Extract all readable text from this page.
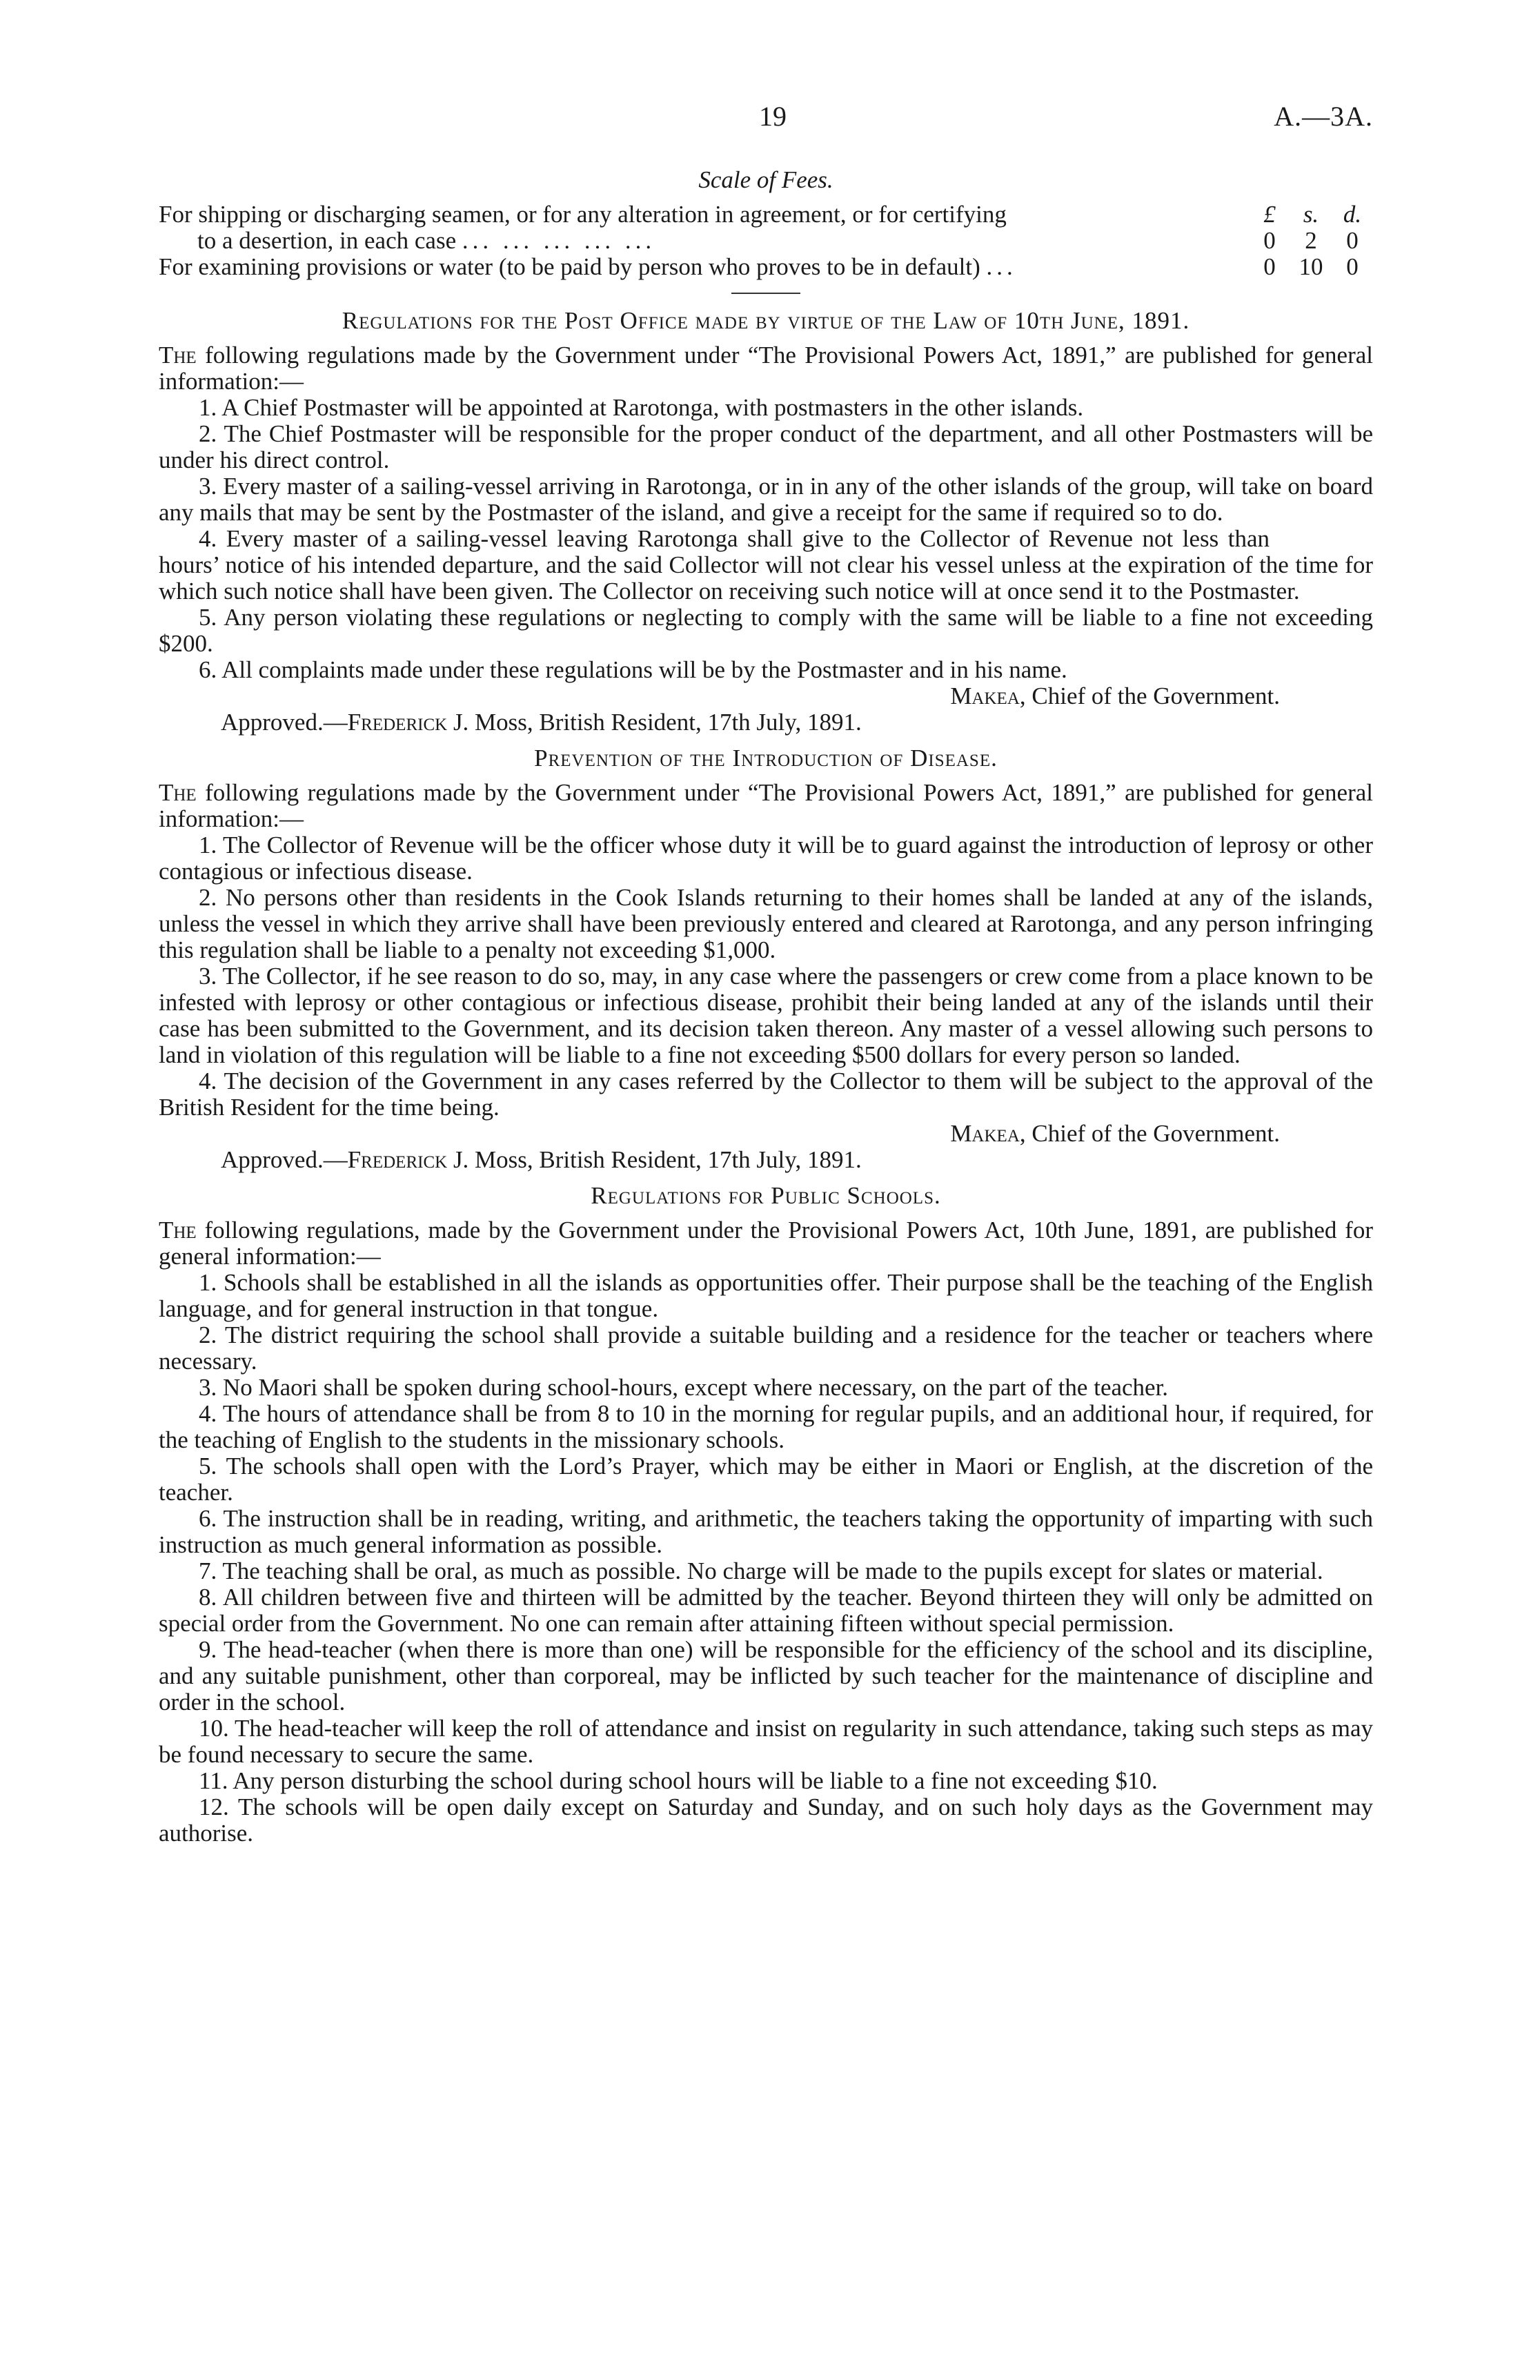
19	A.—3A.
Scale of Fees.
For shipping or discharging seamen, or for any alteration in agreement, or for certifying	£	s.	d.
to a desertion, in each case ... ... ... ... ...	0	2	0
For examining provisions or water (to be paid by person who proves to be in default) ...	0 10 0
Regulations for the Post Office made by virtue of the Law of 10th June, 1891.

The following regulations made by the Government under “The Provisional Powers Act, 1891,” are published for general information:—

1. A Chief Postmaster will be appointed at Rarotonga, with postmasters in the other islands.

2. The Chief Postmaster will be responsible for the proper conduct of the department, and all other Postmasters will be under his direct control.

3. Every master of a sailing-vessel arriving in Rarotonga, or in in any of the other islands of the group, will take on board any mails that may be sent by the Postmaster of the island, and give a receipt for the same if required so to do.

4. Every master of a sailing-vessel leaving Rarotonga shall give to the Collector of Revenue not less thanhours’ notice of his intended departure, and the said Collector will not clear his vessel unless at the expiration of the time for which such notice shall have been given. The Collector on receiving such notice will at once send it to the Postmaster.

5. Any person violating these regulations or neglecting to comply with the same will be liable to a fine not exceeding $200.

6. All complaints made under these regulations will be by the Postmaster and in his name.

Makea, Chief of the Government.
Approved.—Frederick J. Moss, British Resident, 17th July, 1891.
Prevention of the Introduction of Disease.

The following regulations made by the Government under “The Provisional Powers Act, 1891,” are published for general information:—

1. The Collector of Revenue will be the officer whose duty it will be to guard against the introduction of leprosy or other contagious or infectious disease.

2. No persons other than residents in the Cook Islands returning to their homes shall be landed at any of the islands, unless the vessel in which they arrive shall have been previously entered and cleared at Rarotonga, and any person infringing this regulation shall be liable to a penalty not exceeding $1,000.

3. The Collector, if he see reason to do so, may, in any case where the passengers or crew come from a place known to be infested with leprosy or other contagious or infectious disease, prohibit their being landed at any of the islands until their case has been submitted to the Government, and its decision taken thereon. Any master of a vessel allowing such persons to land in violation of this regulation will be liable to a fine not exceeding $500 dollars for every person so landed.

4. The decision of the Government in any cases referred by the Collector to them will be subject to the approval of the British Resident for the time being.

Makea, Chief of the Government.
Approved.—Frederick J. Moss, British Resident, 17th July, 1891.
Regulations for Public Schools.

The following regulations, made by the Government under the Provisional Powers Act, 10th June, 1891, are published for general information:—

1. Schools shall be established in all the islands as opportunities offer. Their purpose shall be the teaching of the English language, and for general instruction in that tongue.

2. The district requiring the school shall provide a suitable building and a residence for the teacher or teachers where necessary.

3. No Maori shall be spoken during school-hours, except where necessary, on the part of the teacher.

4. The hours of attendance shall be from 8 to 10 in the morning for regular pupils, and an additional hour, if required, for the teaching of English to the students in the missionary schools.

5. The schools shall open with the Lord’s Prayer, which may be either in Maori or English, at the discretion of the teacher.

6. The instruction shall be in reading, writing, and arithmetic, the teachers taking the opportunity of imparting with such instruction as much general information as possible.

7. The teaching shall be oral, as much as possible. No charge will be made to the pupils except for slates or material.

8. All children between five and thirteen will be admitted by the teacher. Beyond thirteen they will only be admitted on special order from the Government. No one can remain after attaining fifteen without special permission.

9. The head-teacher (when there is more than one) will be responsible for the efficiency of the school and its discipline, and any suitable punishment, other than corporeal, may be inflicted by such teacher for the maintenance of discipline and order in the school.

10. The head-teacher will keep the roll of attendance and insist on regularity in such attendance, taking such steps as may be found necessary to secure the same.

11. Any person disturbing the school during school hours will be liable to a fine not exceeding $10.

12. The schools will be open daily except on Saturday and Sunday, and on such holy days as the Government may authorise.
